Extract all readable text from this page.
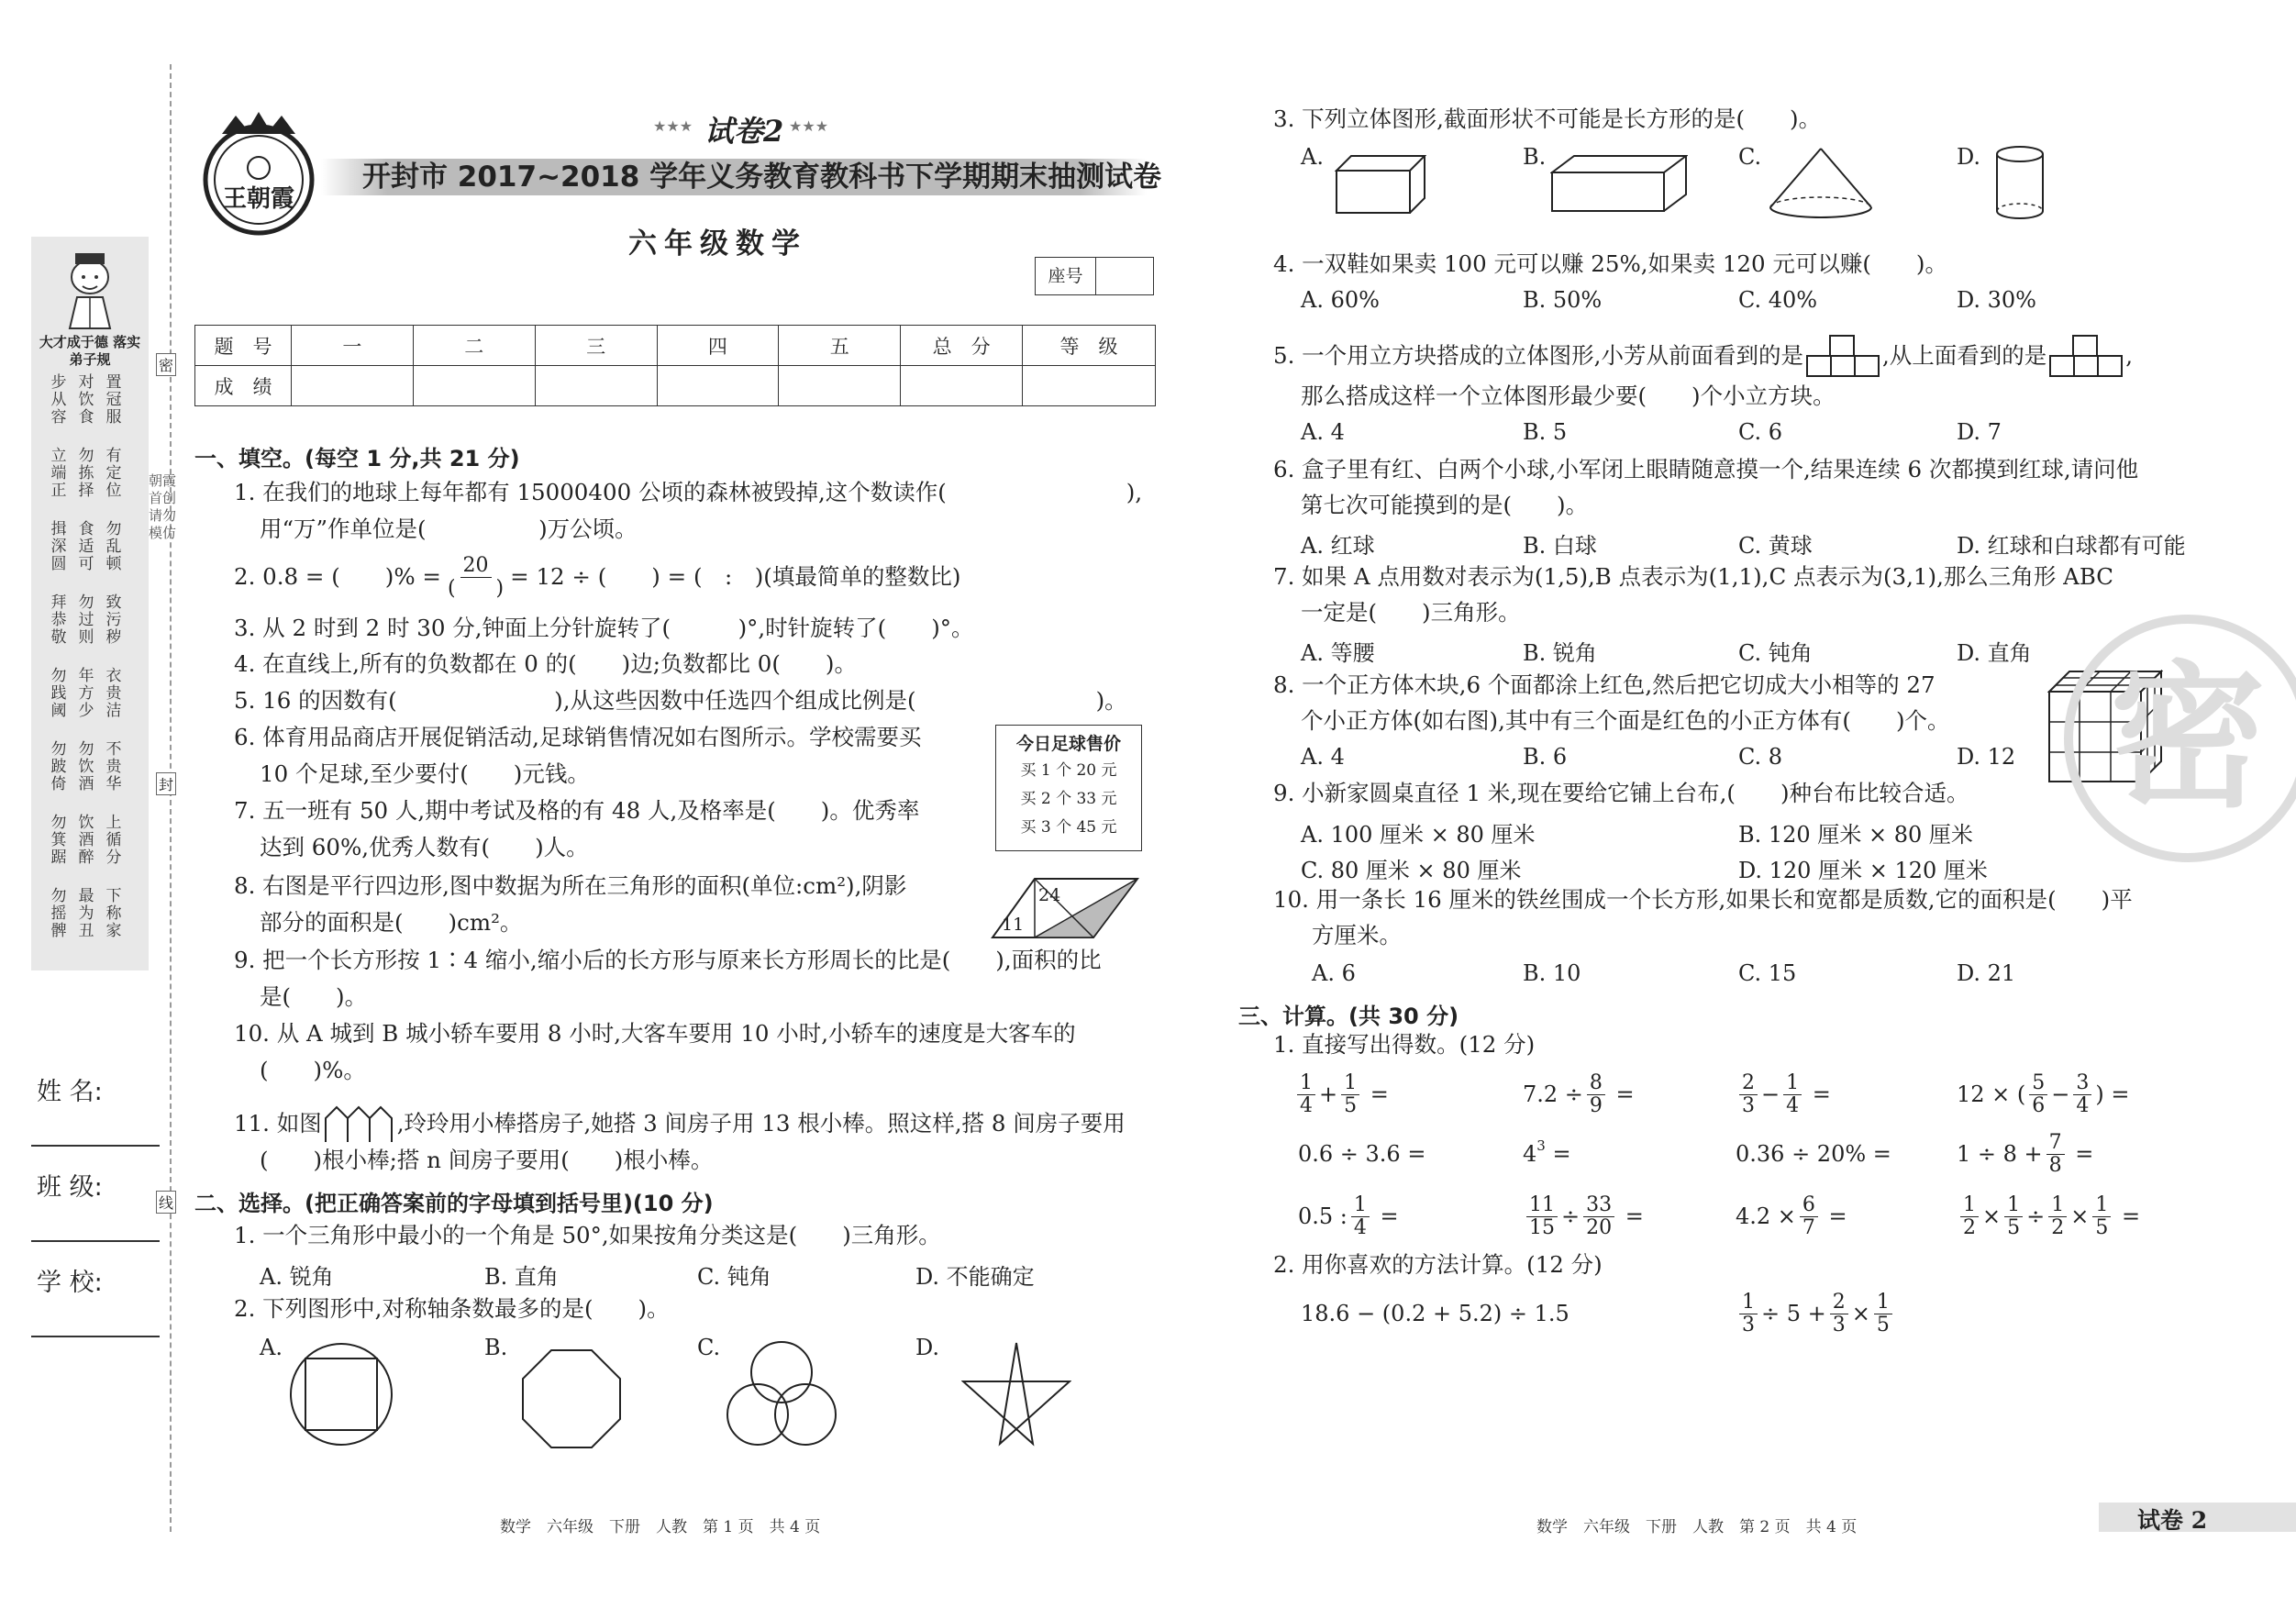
大才成于德 落实弟子规
步从容
对饮食
置冠服
立端正
勿拣择
有定位
揖深圆
食适可
勿乱顿
拜恭敬
勿过则
致污秽
勿践阈
年方少
衣贵洁
勿跛倚
勿饮酒
不贵华
勿箕踞
饮酒醉
上循分
勿摇髀
最为丑
下称家
姓 名:
班 级:
学 校:
密
封
线
朝霞首创 请勿模仿
王朝霞
★★★ 试卷2 ★★★
开封市 2017~2018 学年义务教育教科书下学期期末抽测试卷
六年级数学
座号
题　号	一	二	三	四	五	总　分	等　级
成　绩							
一、填空。(每空 1 分,共 21 分)
1. 在我们的地球上每年都有 15000400 公顷的森林被毁掉,这个数读作(　　　　　　　　),
用“万”作单位是(　　　　　)万公顷。
2. 0.8 = (　　)% = $\frac{20}{( )} = 12$ ÷ (　　) = (　:　)(填最简单的整数比)
3. 从 2 时到 2 时 30 分,钟面上分针旋转了(　　　)°,时针旋转了(　　)°。
4. 在直线上,所有的负数都在 0 的(　　)边;负数都比 0(　　)。
5. 16 的因数有(　　　　　　　),从这些因数中任选四个组成比例是(　　　　　　　　)。
6. 体育用品商店开展促销活动,足球销售情况如右图所示。学校需要买
10 个足球,至少要付(　　)元钱。
今日足球售价
买 1 个 20 元
买 2 个 33 元
买 3 个 45 元
7. 五一班有 50 人,期中考试及格的有 48 人,及格率是(　　)。优秀率
达到 60%,优秀人数有(　　)人。
8. 右图是平行四边形,图中数据为所在三角形的面积(单位:cm²),阴影
部分的面积是(　　)cm²。
24
11
9. 把一个长方形按 1∶4 缩小,缩小后的长方形与原来长方形周长的比是(　　),面积的比
是(　　)。
10. 从 A 城到 B 城小轿车要用 8 小时,大客车要用 10 小时,小轿车的速度是大客车的
(　　)%。
11. 如图	,玲玲用小棒搭房子,她搭 3 间房子用 13 根小棒。照这样,搭 8 间房子要用
(　　)根小棒;搭 n 间房子要用(　　)根小棒。
二、选择。(把正确答案前的字母填到括号里)(10 分)
1. 一个三角形中最小的一个角是 50°,如果按角分类这是(　　)三角形。
A. 锐角	B. 直角	C. 钝角	D. 不能确定
2. 下列图形中,对称轴条数最多的是(　　)。
A.	B.	C.	D.
数学　六年级　下册　人教　第 1 页　共 4 页
3. 下列立体图形,截面形状不可能是长方形的是(　　)。
A.	B.	C.	D.
4. 一双鞋如果卖 100 元可以赚 25%,如果卖 120 元可以赚(　　)。
A. 60%	B. 50%	C. 40%	D. 30%
5. 一个用立方块搭成的立体图形,小芳从前面看到的是	,从上面看到的是	,
那么搭成这样一个立体图形最少要(　　)个小立方块。
A. 4	B. 5	C. 6	D. 7
6. 盒子里有红、白两个小球,小军闭上眼睛随意摸一个,结果连续 6 次都摸到红球,请问他
第七次可能摸到的是(　　)。
A. 红球	B. 白球	C. 黄球	D. 红球和白球都有可能
7. 如果 A 点用数对表示为(1,5),B 点表示为(1,1),C 点表示为(3,1),那么三角形 ABC
一定是(　　)三角形。
A. 等腰	B. 锐角	C. 钝角	D. 直角
8. 一个正方体木块,6 个面都涂上红色,然后把它切成大小相等的 27
个小正方体(如右图),其中有三个面是红色的小正方体有(　　)个。
A. 4	B. 6	C. 8	D. 12
9. 小新家圆桌直径 1 米,现在要给它铺上台布,(　　)种台布比较合适。
A. 100 厘米 × 80 厘米	B. 120 厘米 × 80 厘米
C. 80 厘米 × 80 厘米	D. 120 厘米 × 120 厘米
10. 用一条长 16 厘米的铁丝围成一个长方形,如果长和宽都是质数,它的面积是(　　)平
方厘米。
A. 6	B. 10	C. 15	D. 21
三、计算。(共 30 分)
1. 直接写出得数。(12 分)
$\frac{1}{4} + \frac{1}{5}$ =	$7.2 \div \frac{8}{9}$ =	$\frac{2}{3} - \frac{1}{4}$ =	12 × ( $\frac{5}{6} - \frac{3}{4}$ ) =
0.6 ÷ 3.6 =	$4^3$ =	0.36 ÷ 20% =	$1 \div 8 + \frac{7}{8}$ =
0.5 : $\frac{1}{4}$ =	$\frac{11}{15} \div \frac{33}{20}$ =	$4.2 \times \frac{6}{7}$ =	$\frac{1}{2} \times \frac{1}{5} \div \frac{1}{2} \times \frac{1}{5}$ =
2. 用你喜欢的方法计算。(12 分)
18.6 − (0.2 + 5.2) ÷ 1.5	$\frac{1}{3} \div 5 + \frac{2}{3} \times \frac{1}{5}$
密
数学　六年级　下册　人教　第 2 页　共 4 页	试卷 2
